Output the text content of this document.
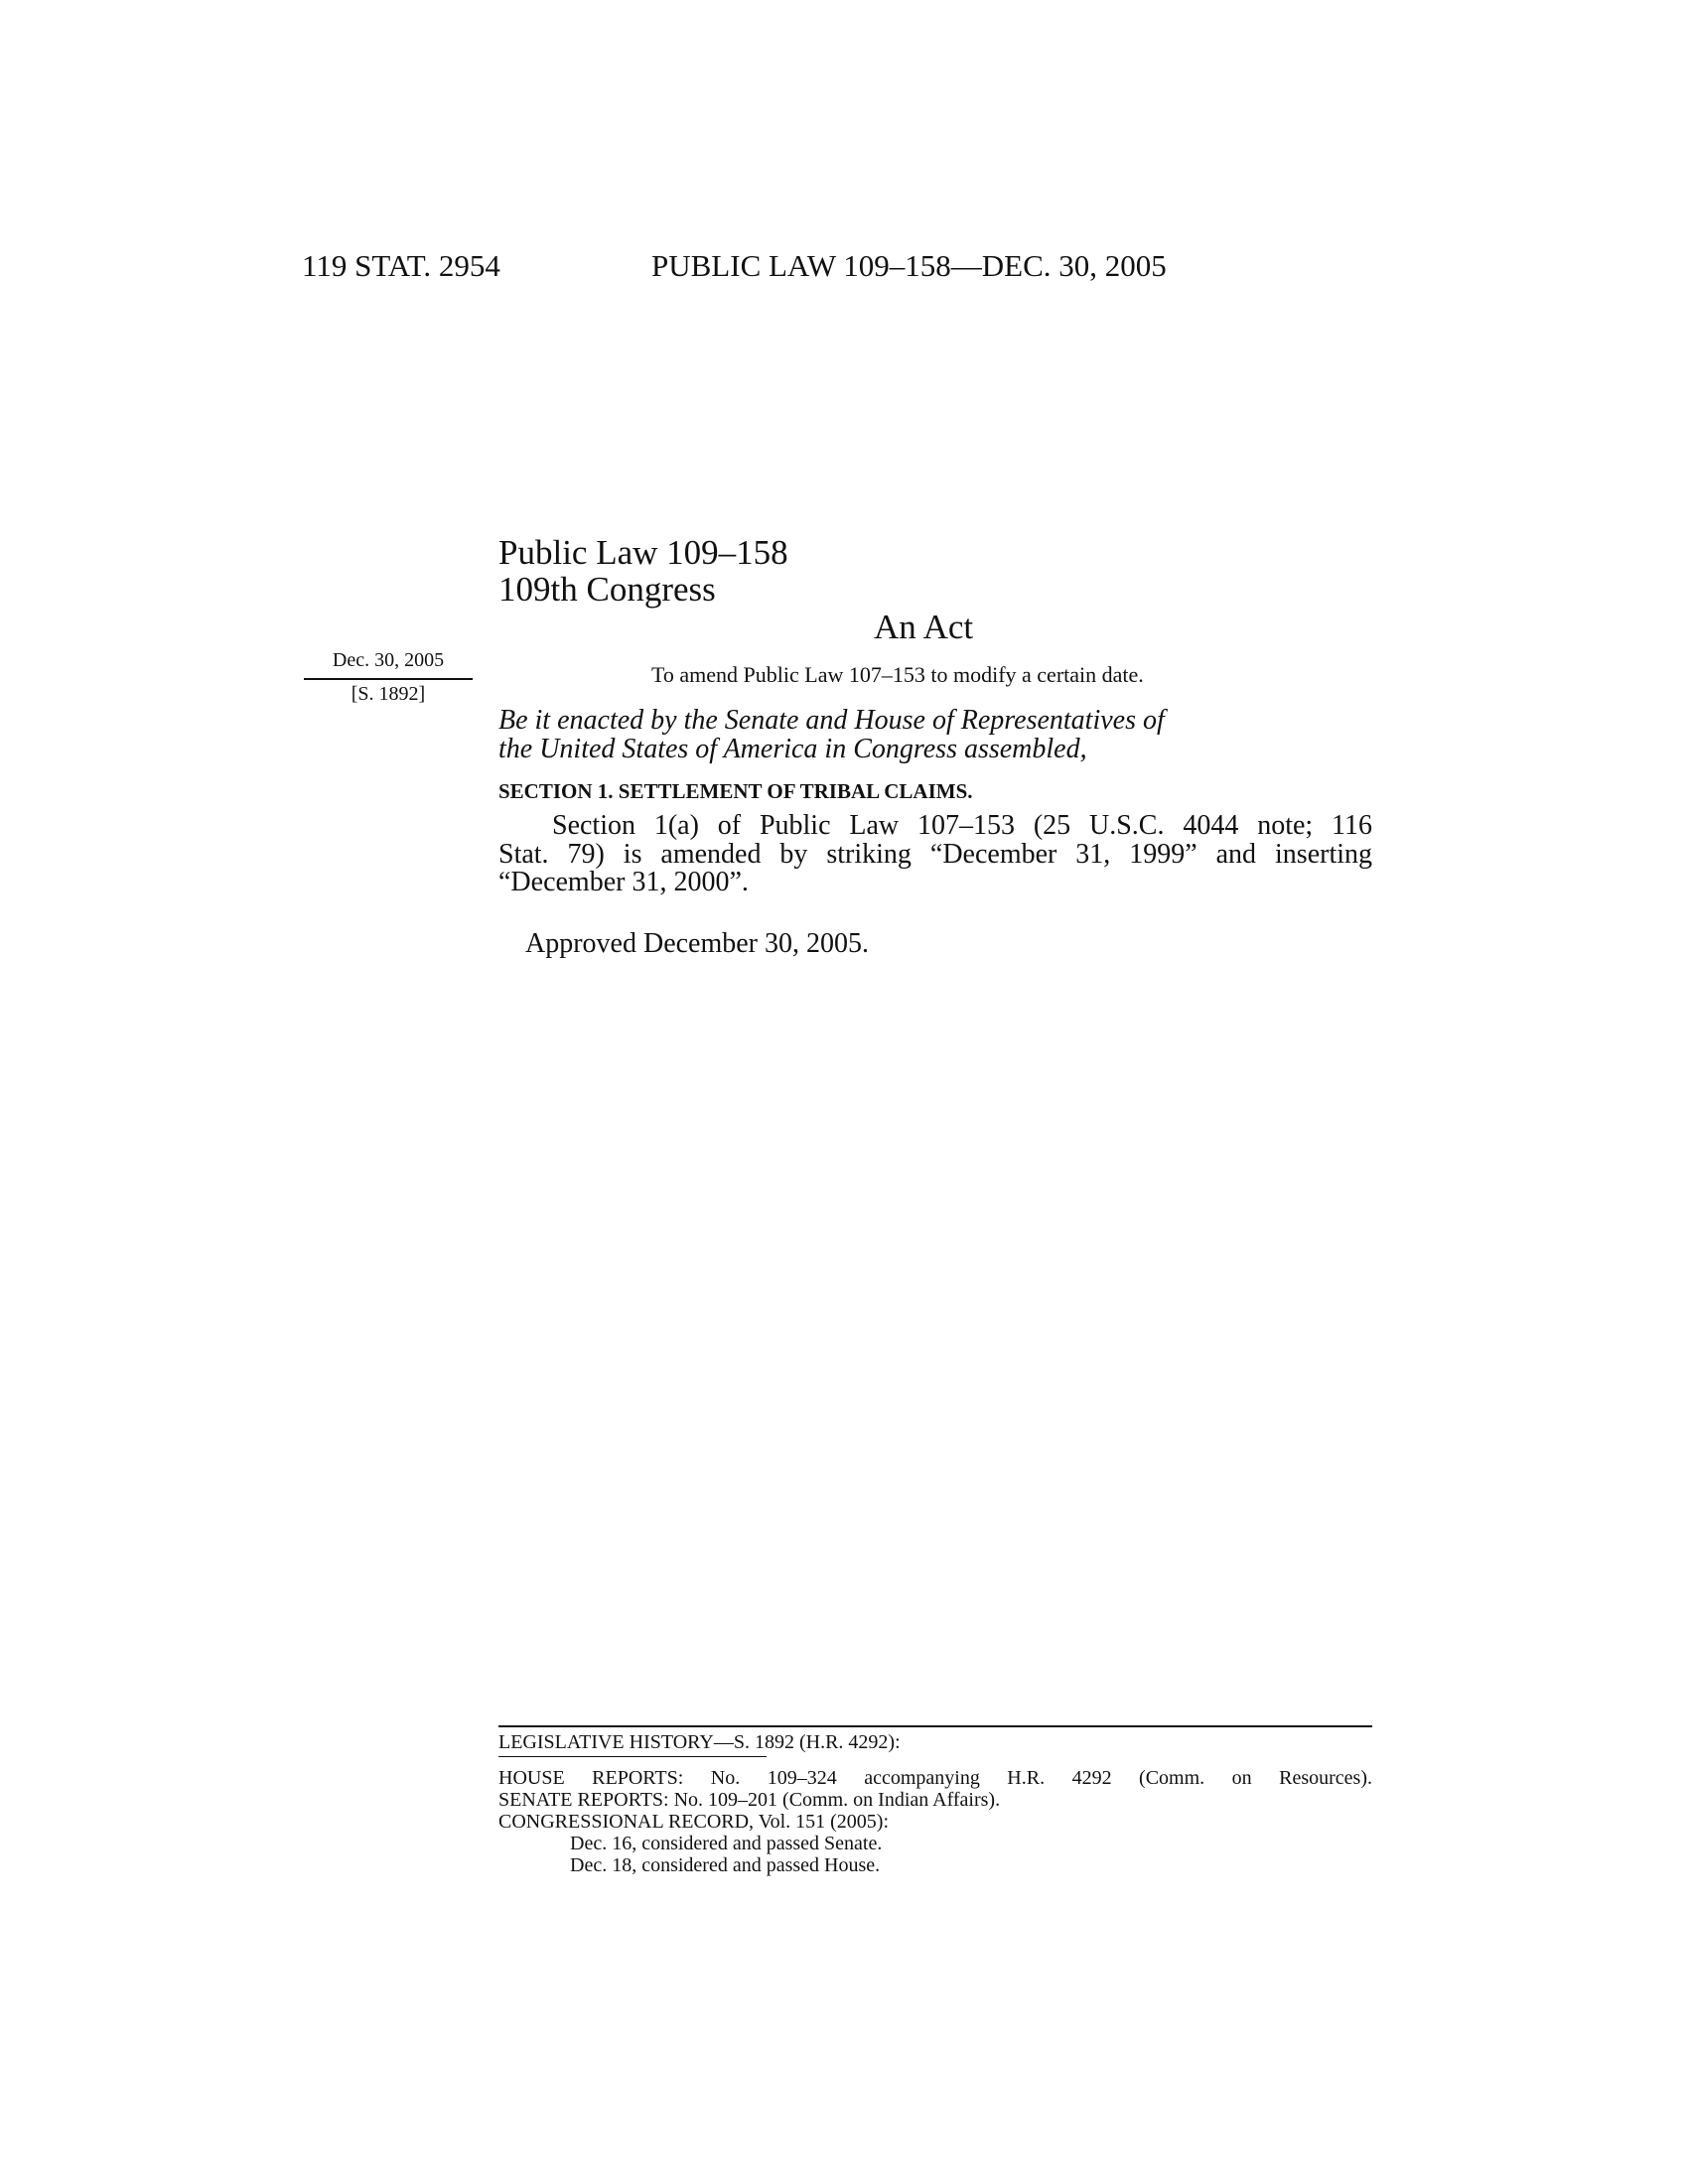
119 STAT. 2954	PUBLIC LAW 109–158—DEC. 30, 2005
Public Law 109–158
109th Congress
An Act
Dec. 30, 2005
[S. 1892]
To amend Public Law 107–153 to modify a certain date.
Be it enacted by the Senate and House of Representatives of
the United States of America in Congress assembled,
SECTION 1. SETTLEMENT OF TRIBAL CLAIMS.
Section 1(a) of Public Law 107–153 (25 U.S.C. 4044 note; 116
Stat. 79) is amended by striking “December 31, 1999” and inserting
“December 31, 2000”.
Approved December 30, 2005.
LEGISLATIVE HISTORY—S. 1892 (H.R. 4292):
HOUSE REPORTS: No. 109–324 accompanying H.R. 4292 (Comm. on Resources).
SENATE REPORTS: No. 109–201 (Comm. on Indian Affairs).
CONGRESSIONAL RECORD, Vol. 151 (2005):
Dec. 16, considered and passed Senate.
Dec. 18, considered and passed House.
